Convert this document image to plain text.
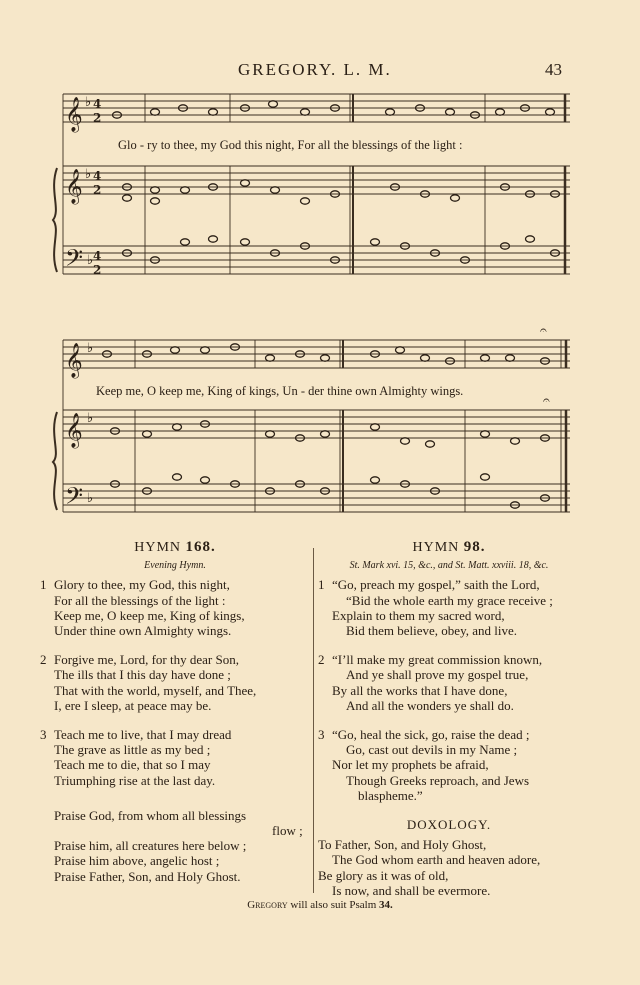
GREGORY. L. M.	43
𝄞 ♭ 4
2
𝄞 ♭ 4
2
𝄢 ♭ 4
2
Glo - ry to thee, my God this night, For all the blessings of the light :
𝄞 ♭
𝄞 ♭
𝄢 ♭
𝄐
𝄐
Keep me, O keep me, King of kings, Un - der thine own Almighty wings.
HYMN 168.
Evening Hymn.
1 Glory to thee, my God, this night,
For all the blessings of the light :
Keep me, O keep me, King of kings,
Under thine own Almighty wings.
2 Forgive me, Lord, for thy dear Son,
The ills that I this day have done ;
That with the world, myself, and Thee,
I, ere I sleep, at peace may be.
3 Teach me to live, that I may dread
The grave as little as my bed ;
Teach me to die, that so I may
Triumphing rise at the last day.
Praise God, from whom all blessings
flow ;
Praise him, all creatures here below ;
Praise him above, angelic host ;
Praise Father, Son, and Holy Ghost.
HYMN 98.
St. Mark xvi. 15, &c., and St. Matt. xxviii. 18, &c.
1 “Go, preach my gospel,” saith the Lord,
“Bid the whole earth my grace receive ;
Explain to them my sacred word,
Bid them believe, obey, and live.
2 “I’ll make my great commission known,
And ye shall prove my gospel true,
By all the works that I have done,
And all the wonders ye shall do.
3 “Go, heal the sick, go, raise the dead ;
Go, cast out devils in my Name ;
Nor let my prophets be afraid,
Though Greeks reproach, and Jews
blaspheme.”
DOXOLOGY.
To Father, Son, and Holy Ghost,
The God whom earth and heaven adore,
Be glory as it was of old,
Is now, and shall be evermore.
Gregory will also suit Psalm 34.
